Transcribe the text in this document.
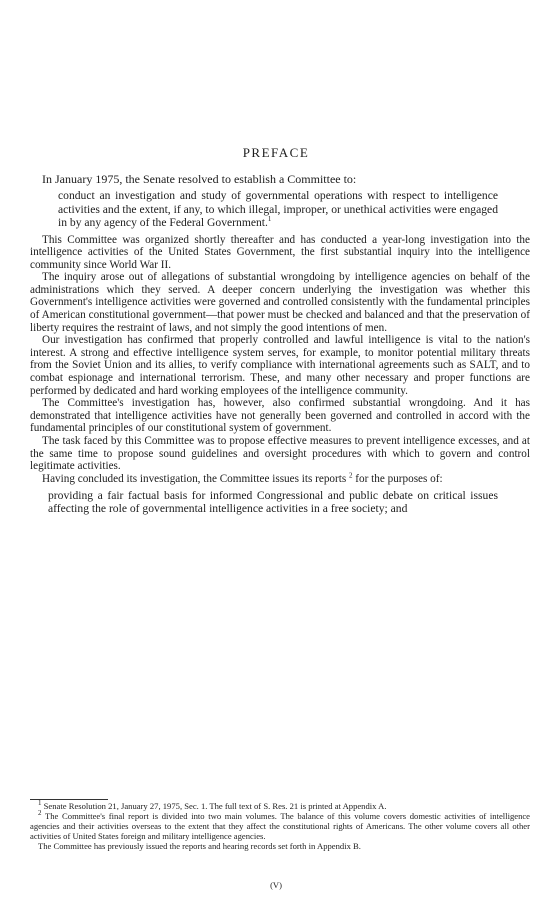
PREFACE

In January 1975, the Senate resolved to establish a Committee to:

conduct an investigation and study of governmental operations with respect to intelligence activities and the extent, if any, to which illegal, improper, or unethical activities were engaged in by any agency of the Federal Government.$^1$

This Committee was organized shortly thereafter and has conducted a year-long investigation into the intelligence activities of the United States Government, the first substantial inquiry into the intelligence community since World War II.

The inquiry arose out of allegations of substantial wrongdoing by intelligence agencies on behalf of the administrations which they served. A deeper concern underlying the investigation was whether this Government's intelligence activities were governed and controlled consistently with the fundamental principles of American constitutional government—that power must be checked and balanced and that the preservation of liberty requires the restraint of laws, and not simply the good intentions of men.

Our investigation has confirmed that properly controlled and lawful intelligence is vital to the nation's interest. A strong and effective intelligence system serves, for example, to monitor potential military threats from the Soviet Union and its allies, to verify compliance with international agreements such as SALT, and to combat espionage and international terrorism. These, and many other necessary and proper functions are performed by dedicated and hard working employees of the intelligence community.

The Committee's investigation has, however, also confirmed substantial wrongdoing. And it has demonstrated that intelligence activities have not generally been governed and controlled in accord with the fundamental principles of our constitutional system of government.

The task faced by this Committee was to propose effective measures to prevent intelligence excesses, and at the same time to propose sound guidelines and oversight procedures with which to govern and control legitimate activities.

Having concluded its investigation, the Committee issues its reports $^2$ for the purposes of:

providing a fair factual basis for informed Congressional and public debate on critical issues affecting the role of governmental intelligence activities in a free society; and

$^1$ Senate Resolution 21, January 27, 1975, Sec. 1. The full text of S. Res. 21 is printed at Appendix A.

$^2$ The Committee's final report is divided into two main volumes. The balance of this volume covers domestic activities of intelligence agencies and their activities overseas to the extent that they affect the constitutional rights of Americans. The other volume covers all other activities of United States foreign and military intelligence agencies.

The Committee has previously issued the reports and hearing records set forth in Appendix B.

(V)
